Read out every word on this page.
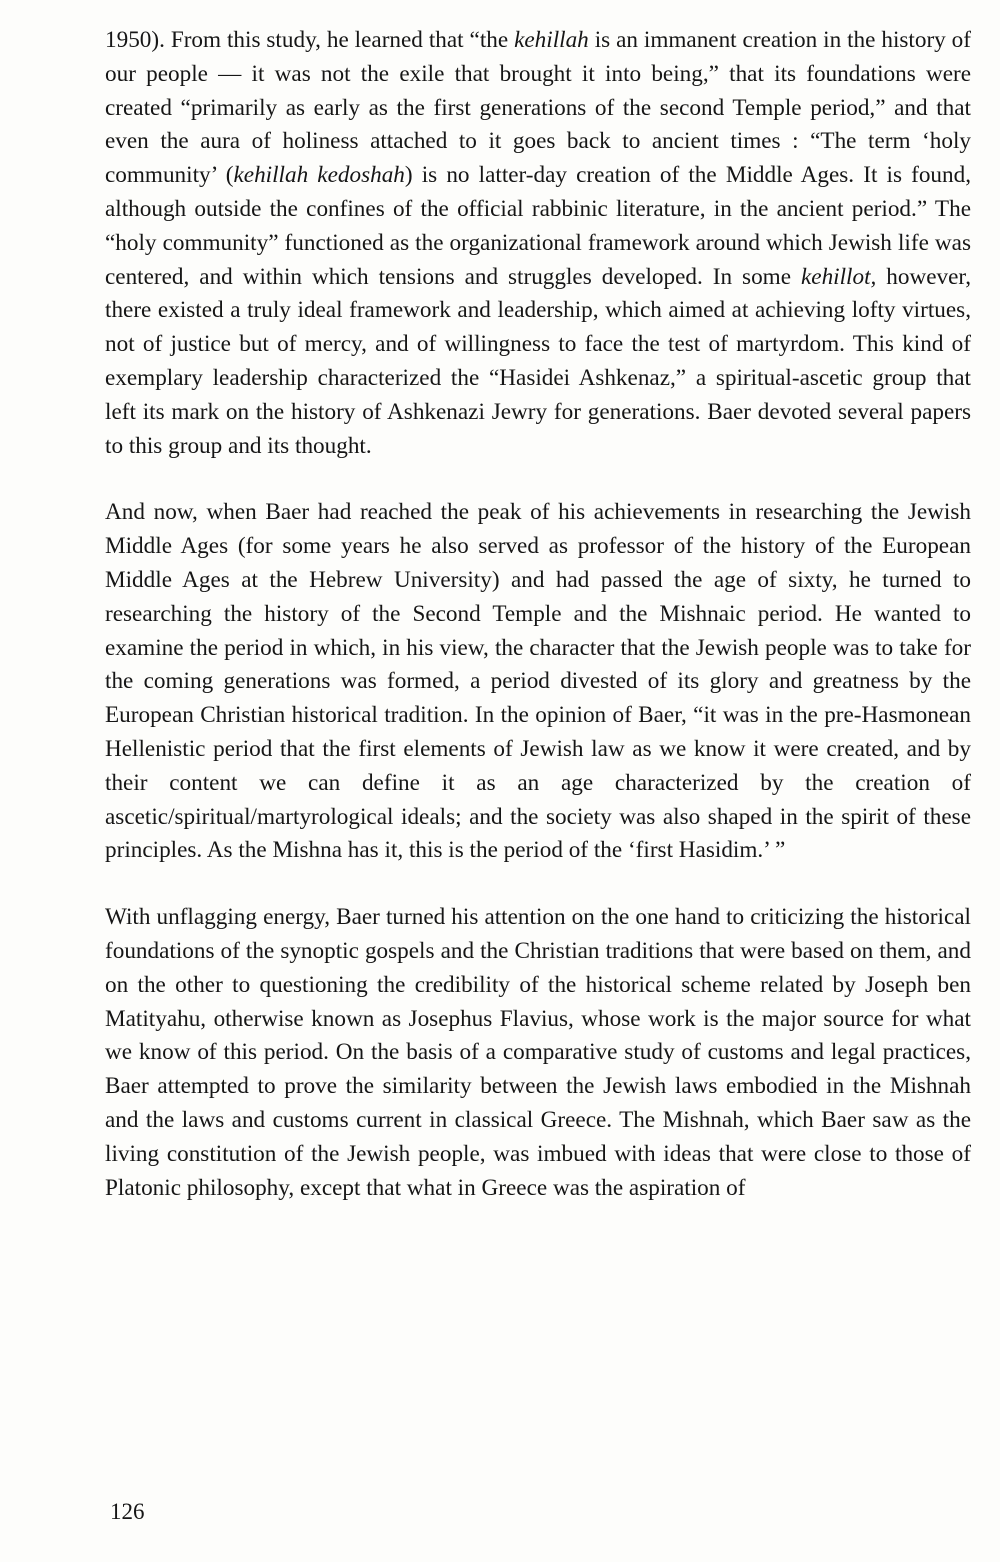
1950). From this study, he learned that “the kehillah is an immanent creation in the history of our people — it was not the exile that brought it into being,” that its foundations were created “primarily as early as the first generations of the second Temple period,” and that even the aura of holiness attached to it goes back to ancient times : “The term ‘holy community’ (kehillah kedoshah) is no latter-day creation of the Middle Ages. It is found, although outside the confines of the official rabbinic literature, in the ancient period.” The “holy community” functioned as the organizational framework around which Jewish life was centered, and within which tensions and struggles developed. In some kehillot, however, there existed a truly ideal framework and leadership, which aimed at achieving lofty virtues, not of justice but of mercy, and of willingness to face the test of martyrdom. This kind of exemplary leadership characterized the “Hasidei Ashkenaz,” a spiritual-ascetic group that left its mark on the history of Ashkenazi Jewry for generations. Baer devoted several papers to this group and its thought.

And now, when Baer had reached the peak of his achievements in researching the Jewish Middle Ages (for some years he also served as professor of the history of the European Middle Ages at the Hebrew University) and had passed the age of sixty, he turned to researching the history of the Second Temple and the Mishnaic period. He wanted to examine the period in which, in his view, the character that the Jewish people was to take for the coming generations was formed, a period divested of its glory and greatness by the European Christian historical tradition. In the opinion of Baer, “it was in the pre-Hasmonean Hellenistic period that the first elements of Jewish law as we know it were created, and by their content we can define it as an age characterized by the creation of ascetic/spiritual/martyrological ideals; and the society was also shaped in the spirit of these principles. As the Mishna has it, this is the period of the ‘first Hasidim.’ ”

With unflagging energy, Baer turned his attention on the one hand to criticizing the historical foundations of the synoptic gospels and the Christian traditions that were based on them, and on the other to questioning the credibility of the historical scheme related by Joseph ben Matityahu, otherwise known as Josephus Flavius, whose work is the major source for what we know of this period. On the basis of a comparative study of customs and legal practices, Baer attempted to prove the similarity between the Jewish laws embodied in the Mishnah and the laws and customs current in classical Greece. The Mishnah, which Baer saw as the living constitution of the Jewish people, was imbued with ideas that were close to those of Platonic philosophy, except that what in Greece was the aspiration of

126
